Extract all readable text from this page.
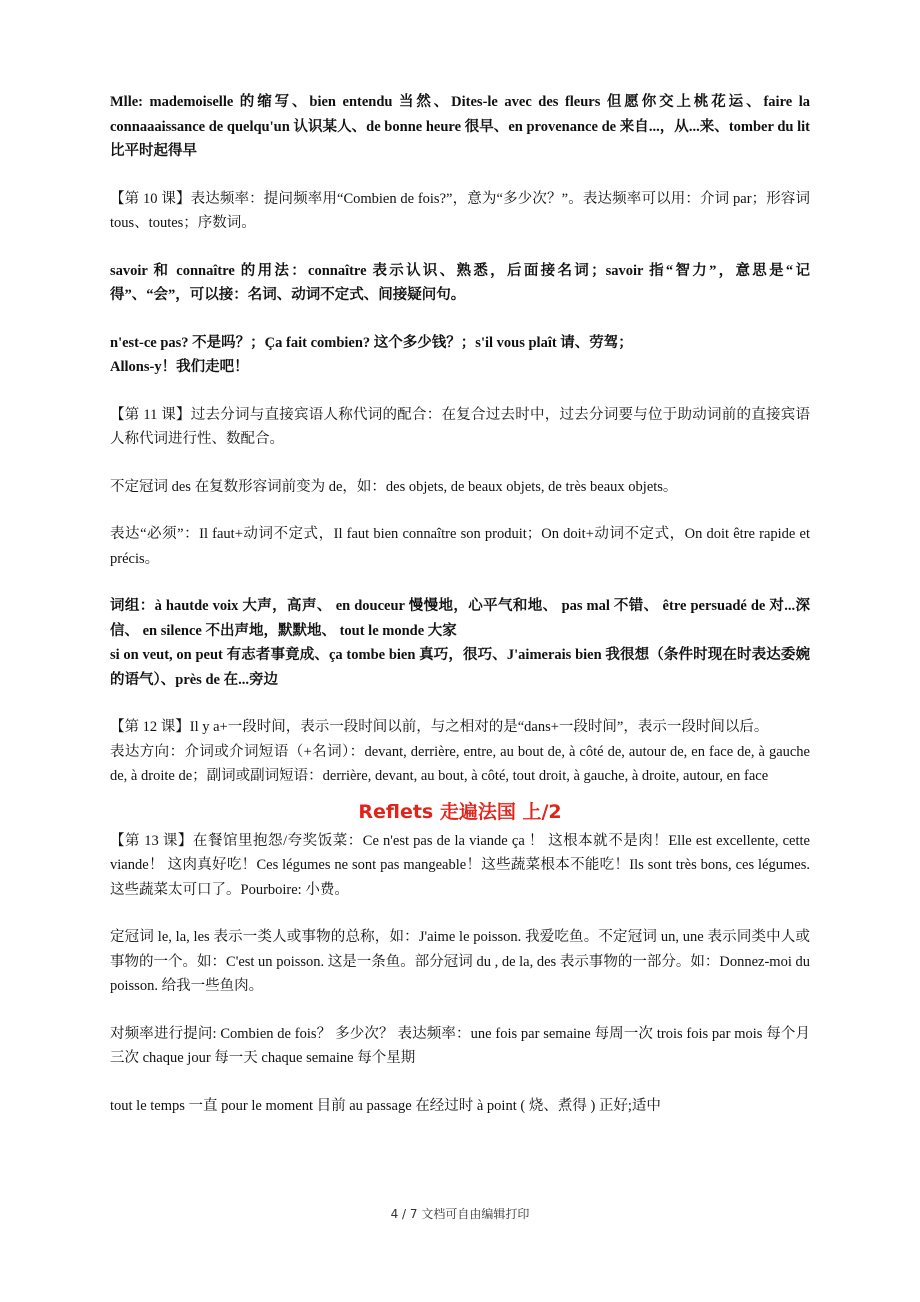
Mlle: mademoiselle 的缩写、bien entendu 当然、Dites-le avec des fleurs 但愿你交上桃花运、faire la connaaaissance de quelqu'un 认识某人、de bonne heure 很早、en provenance de 来自...，从...来、tomber du lit 比平时起得早

【第 10 课】表达频率：提问频率用“Combien de fois?”，意为“多少次？”。表达频率可以用：介词 par；形容词 tous、toutes；序数词。

savoir 和 connaître 的用法：connaître 表示认识、熟悉，后面接名词；savoir 指“智力”，意思是“记得”、“会”，可以接：名词、动词不定式、间接疑问句。

n'est-ce pas? 不是吗？；Ça fait combien? 这个多少钱？；s'il vous plaît 请、劳驾；

Allons-y！我们走吧！

【第 11 课】过去分词与直接宾语人称代词的配合：在复合过去时中，过去分词要与位于助动词前的直接宾语人称代词进行性、数配合。

不定冠词 des 在复数形容词前变为 de，如：des objets, de beaux objets, de très beaux objets。

表达“必须”：Il faut+动词不定式，Il faut bien connaître son produit；On doit+动词不定式，On doit être rapide et précis。

词组：à hautde voix 大声，高声、 en douceur 慢慢地，心平气和地、 pas mal 不错、 être persuadé de 对...深信、 en silence 不出声地，默默地、 tout le monde 大家

si on veut, on peut 有志者事竟成、ça tombe bien 真巧，很巧、J'aimerais bien 我很想（条件时现在时表达委婉的语气）、près de 在...旁边

【第 12 课】Il y a+一段时间，表示一段时间以前，与之相对的是“dans+一段时间”，表示一段时间以后。

表达方向：介词或介词短语（+名词）：devant, derrière, entre, au bout de, à côté de, autour de, en face de, à gauche de, à droite de；副词或副词短语：derrière, devant, au bout, à côté, tout droit, à gauche, à droite, autour, en face

Reflets 走遍法国 上/2

【第 13 课】在餐馆里抱怨/夸奖饭菜：Ce n'est pas de la viande ça ！ 这根本就不是肉！Elle est excellente, cette viande！ 这肉真好吃！Ces légumes ne sont pas mangeable！这些蔬菜根本不能吃！Ils sont très bons, ces légumes. 这些蔬菜太可口了。Pourboire: 小费。

定冠词 le, la, les 表示一类人或事物的总称，如：J'aime le poisson. 我爱吃鱼。不定冠词 un, une 表示同类中人或事物的一个。如：C'est un poisson. 这是一条鱼。部分冠词 du , de la, des 表示事物的一部分。如：Donnez-moi du poisson. 给我一些鱼肉。

对频率进行提问: Combien de fois？ 多少次？ 表达频率：une fois par semaine 每周一次 trois fois par mois 每个月三次 chaque jour 每一天 chaque semaine 每个星期

tout le temps 一直 pour le moment 目前 au passage 在经过时 à point ( 烧、煮得 ) 正好;适中

4 / 7 文档可自由编辑打印
